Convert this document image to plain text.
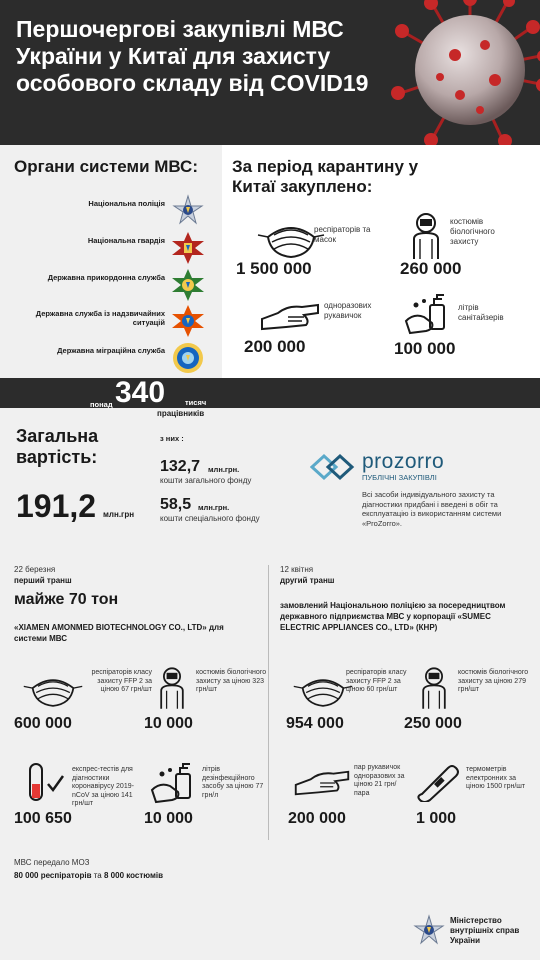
Першочергові закупівлі МВС України у Китаї для захисту особового складу від COVID19
Органи системи МВС:
Національна поліція
Національна гвардія
Державна прикордонна служба
Державна служба із надзвичайних ситуацій
Державна міграційна служба
За період карантину у Китаї закуплено:
респіраторів та масок
1 500 000
костюмів біологічного захисту
260 000
одноразових рукавичок
200 000
літрів санітайзерів
100 000
понад 340	тисяч
працівників
Загальна вартість:
191,2 млн.грн
з них :
132,7 млн.грн.
кошти загального фонду
58,5 млн.грн.
кошти спеціального фонду
prozorro
ПУБЛІЧНІ ЗАКУПІВЛІ
Всі засоби індивідуального захисту та діагностики придбані і введені в обіг та експлуатацію із використанням системи «ProZorro».
22 березня
перший транш
майже 70 тон
«XIAMEN AMONMED BIOTECHNOLOGY CO., LTD» для системи МВС
респіраторів класу захисту FFP 2 за ціною 67 грн/шт
600 000
костюмів біологічного захисту за ціною 323 грн/шт
10 000
експрес-тестів для діагностики коронавірусу 2019-nCoV за ціною 141 грн/шт
100 650
літрів дезінфекційного засобу за ціною 77 грн/л
10 000
12 квітня
другий транш
замовлений Національною поліцією за посередництвом державного підприємства МВС у корпорації «SUMEC ELECTRIC APPLIANCES CO., LTD» (КНР)
респіраторів класу захисту FFP 2 за ціною 60 грн/шт
954 000
костюмів біологічного захисту за ціною 279 грн/шт
250 000
пар рукавичок одноразових за ціною 21 грн/пара
200 000
термометрів електронних за ціною 1500 грн/шт
1 000
МВС передало МОЗ
80 000 респіраторів та 8 000 костюмів
Міністерство внутрішніх справ України
